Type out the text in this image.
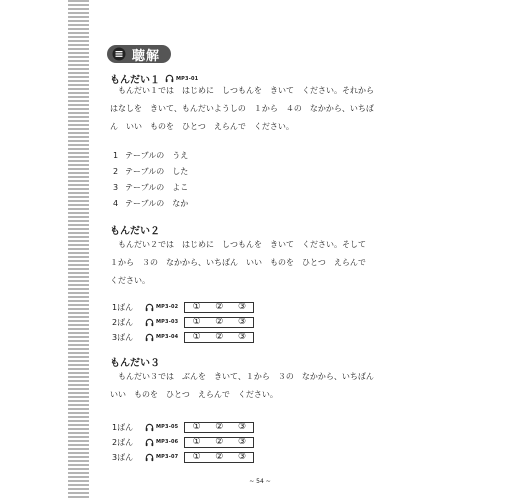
聴解
もんだい１	MP3-01
　もんだい１では　はじめに　しつもんを　きいて　ください。それから
はなしを　きいて、もんだいようしの　１から　４の　なかから、いちば
ん　いい　ものを　ひとつ　えらんで　ください。
1 テーブルの　うえ
2 テーブルの　した
3 テーブルの　よこ
4 テーブルの　なか
もんだい２
　もんだい２では　はじめに　しつもんを　きいて　ください。そして
１から　３の　なかから、いちばん　いい　ものを　ひとつ　えらんで
ください。
1ばん	MP3-02 ① ② ③
2ばん	MP3-03 ① ② ③
3ばん	MP3-04 ① ② ③
もんだい３
　もんだい３では　ぶんを　きいて、１から　３の　なかから、いちばん
いい　ものを　ひとつ　えらんで　ください。
1ばん	MP3-05 ① ② ③
2ばん	MP3-06 ① ② ③
3ばん	MP3-07 ① ② ③
~ 54 ~
